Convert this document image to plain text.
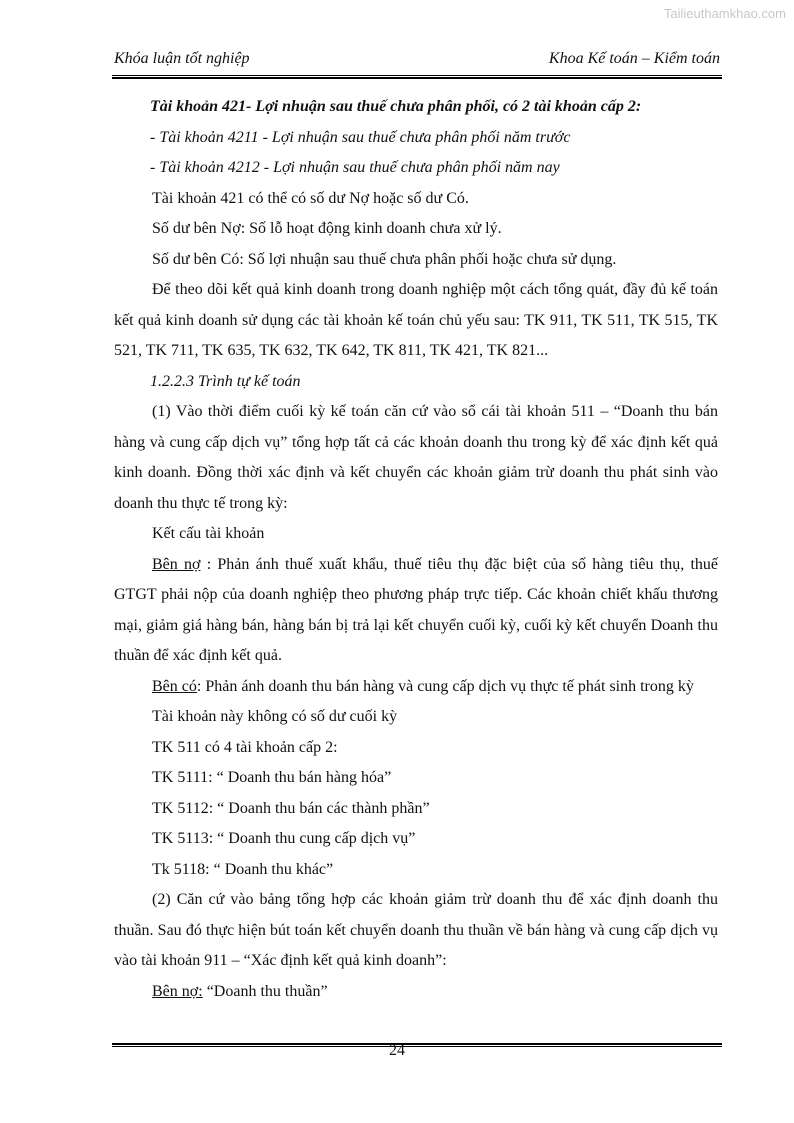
Tailieuthamkhao.com
Khóa luận tốt nghiệp	Khoa Kế toán – Kiểm toán

Tài khoản 421- Lợi nhuận sau thuế chưa phân phối, có 2 tài khoản cấp 2:

- Tài khoản 4211 - Lợi nhuận sau thuế chưa phân phối năm trước

- Tài khoản 4212 - Lợi nhuận sau thuế chưa phân phối năm nay

Tài khoản 421 có thể có số dư Nợ hoặc số dư Có.

Số dư bên Nợ: Số lỗ hoạt động kinh doanh chưa xử lý.

Số dư bên Có: Số lợi nhuận sau thuế chưa phân phối hoặc chưa sử dụng.

Để theo dõi kết quả kinh doanh trong doanh nghiệp một cách tổng quát, đầy đủ kế toán kết quả kinh doanh sử dụng các tài khoản kế toán chủ yếu sau: TK 911, TK 511, TK 515, TK 521, TK 711, TK 635, TK 632, TK 642, TK 811, TK 421, TK 821...

1.2.2.3 Trình tự kế toán

(1) Vào thời điểm cuối kỳ kế toán căn cứ vào sổ cái tài khoản 511 – “Doanh thu bán hàng và cung cấp dịch vụ” tổng hợp tất cả các khoản doanh thu trong kỳ để xác định kết quả kinh doanh. Đồng thời xác định và kết chuyển các khoản giảm trừ doanh thu phát sinh vào doanh thu thực tế trong kỳ:

Kết cấu tài khoản

Bên nợ : Phản ánh thuế xuất khẩu, thuế tiêu thụ đặc biệt của số hàng tiêu thụ, thuế GTGT phải nộp của doanh nghiệp theo phương pháp trực tiếp. Các khoản chiết khấu thương mại, giảm giá hàng bán, hàng bán bị trả lại kết chuyển cuối kỳ, cuối kỳ kết chuyển Doanh thu thuần để xác định kết quả.

Bên có: Phản ánh doanh thu bán hàng và cung cấp dịch vụ thực tế phát sinh trong kỳ

Tài khoản này không có số dư cuối kỳ

TK 511 có 4 tài khoản cấp 2:

TK 5111: “ Doanh thu bán hàng hóa”

TK 5112: “ Doanh thu bán các thành phần”

TK 5113: “ Doanh thu cung cấp dịch vụ”

Tk 5118: “ Doanh thu khác”

(2) Căn cứ vào bảng tổng hợp các khoản giảm trừ doanh thu để xác định doanh thu thuần. Sau đó thực hiện bút toán kết chuyển doanh thu thuần về bán hàng và cung cấp dịch vụ vào tài khoản 911 – “Xác định kết quả kinh doanh”:

Bên nợ: “Doanh thu thuần”

24
